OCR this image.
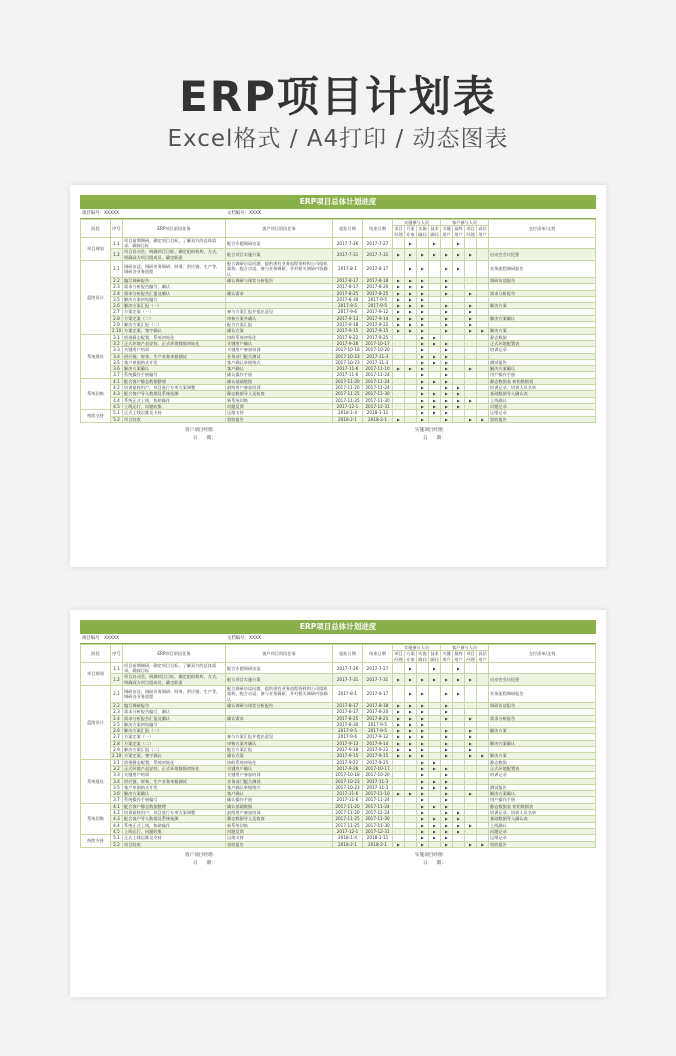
ERP项目计划表
Excel格式 / A4打印 / 动态图表
ERP项目总体计划进度
项目编号：XXXXX	文档编号：XXXX
阶段	序号	ERP项目阶段任务	客户项目阶段任务	起始日期	结束日期	实施参与人员				客户参与人员				交付清单/文档
						项目经理	方案专家	实施顾问	技术顾问	关键用户	最终用户	项目经理	高层用户	
项目规划	1.1	项目前期调研，确定项目目标，了解双方的总体需求，确保目标	配合专题调研访谈	2017-7-26	2017-7-27		▶		▶		▶			
	1.2	项目启动会，明确项目目标，确定组织机构，方式，明确双方项目组成员，确定职责	配合项目实施方案	2017-7-31	2017-7-31	▶	▶	▶	▶	▶	▶	▶		启动会会议纪要
蓝图设计	2.1	调研访谈，调研业务调研：财务、供应链、生产等，调研各业务流程	配合调研访谈问题，提供现有业务流程资料和公司组织架构，配合访谈，参与业务调研，并对相关调研内容确认	2017-8-1	2017-8-17		▶	▶		▶	▶			业务流程调研报告
	2.2	编写调研报告	确认调研与现状分析报告	2017-8-17	2017-8-18	▶	▶	▶		▶				调研访谈报告
	2.3	需求分析报告编写，确认		2017-8-17	2017-8-20	▶	▶	▶		▶				
	2.4	需求分析报告汇报及确认	确认需求	2017-8-25	2017-8-25	▶	▶	▶		▶		▶		需求分析报告
	2.5	解决方案初始编写		2017-8-30	2017-9-5	▶	▶	▶						
	2.6	解决方案汇报（一）		2017-9-5	2017-9-5	▶	▶	▶		▶		▶		解决方案
	2.7	方案定案（一）	参与方案汇报并提出意见	2017-9-6	2017-9-12	▶	▶	▶		▶		▶		
	2.8	方案定案（二）	审核方案并确认	2017-9-13	2017-9-14	▶	▶	▶		▶		▶		解决方案确认
	2.9	解决方案汇报（二）	配合方案汇报	2017-9-18	2017-9-22	▶	▶	▶		▶		▶		
	2.10	方案定案，签字确认	确认方案	2017-9-15	2017-9-15	▶	▶	▶		▶		▶	▶	解决方案
系统建设	3.1	搭建静态配置，系统初始化	协助系统初始化	2017-9-22	2017-9-25			▶	▶					静态数据
	3.2	正式环境产品安装，正式环境数据初始化	关键用户确认	2017-9-26	2017-10-17			▶	▶	▶				正式环境配置表
	3.3	关键用户培训	关键用户参加培训	2017-10-18	2017-10-20			▶		▶				培训记录
	3.4	供应链、财务、生产业务单据测试	业务部门配合测试	2017-10-23	2017-11-3			▶	▶	▶				
	3.5	客户单据格式开发	客户确认单据格式	2017-10-23	2017-11-3			▶	▶	▶				测试报告
	3.6	解决方案确认	客户确认	2017-11-6	2017-11-10	▶	▶	▶		▶		▶		解决方案确认
	3.7	系统操作手册编写	确认操作手册	2017-11-6	2017-11-24			▶		▶				用户操作手册
系统切换	4.1	配合客户静态数据整理	确认基础数据	2017-11-20	2017-11-24			▶	▶	▶				静态数据表 初始数据表
	4.2	培训最终用户，项目进行专项方案调整	最终用户参加培训	2017-11-20	2017-11-24			▶		▶	▶			培训记录、培训人员名单
	4.3	配合客户导入数据及系统检测	静态数据导入及检查	2017-11-25	2017-11-30			▶	▶	▶	▶			基础数据导入确认表
	4.4	系统正式上线，协助操作	新系统切换	2017-11-25	2017-11-30			▶	▶	▶	▶	▶		上线确认
	4.5	上线运行，问题收集	问题反馈	2017-12-1	2017-12-31			▶	▶	▶	▶			问题记录
持续支持	5.1	正式上线运维及支持	运维支持	2018-1-4	2018-1-11			▶	▶	▶				运维记录
	5.2	项目验收	验收报告	2018-2-1	2018-2-1	▶		▶		▶		▶	▶	验收报告
客户项目经理：
日　　期：
实施项目经理：
日　　期：
ERP项目总体计划进度
项目编号：XXXXX	文档编号：XXXX
阶段	序号	ERP项目阶段任务	客户项目阶段任务	起始日期	结束日期	实施参与人员				客户参与人员				交付清单/文档
						项目经理	方案专家	实施顾问	技术顾问	关键用户	最终用户	项目经理	高层用户	
项目规划	1.1	项目前期调研，确定项目目标，了解双方的总体需求，确保目标	配合专题调研访谈	2017-7-26	2017-7-27		▶		▶		▶			
	1.2	项目启动会，明确项目目标，确定组织机构，方式，明确双方项目组成员，确定职责	配合项目实施方案	2017-7-31	2017-7-31	▶	▶	▶	▶	▶	▶	▶		启动会会议纪要
蓝图设计	2.1	调研访谈，调研业务调研：财务、供应链、生产等，调研各业务流程	配合调研访谈问题，提供现有业务流程资料和公司组织架构，配合访谈，参与业务调研，并对相关调研内容确认	2017-8-1	2017-8-17		▶	▶		▶	▶			业务流程调研报告
	2.2	编写调研报告	确认调研与现状分析报告	2017-8-17	2017-8-18	▶	▶	▶		▶				调研访谈报告
	2.3	需求分析报告编写，确认		2017-8-17	2017-8-20	▶	▶	▶		▶				
	2.4	需求分析报告汇报及确认	确认需求	2017-8-25	2017-8-25	▶	▶	▶		▶		▶		需求分析报告
	2.5	解决方案初始编写		2017-8-30	2017-9-5	▶	▶	▶						
	2.6	解决方案汇报（一）		2017-9-5	2017-9-5	▶	▶	▶		▶		▶		解决方案
	2.7	方案定案（一）	参与方案汇报并提出意见	2017-9-6	2017-9-12	▶	▶	▶		▶		▶		
	2.8	方案定案（二）	审核方案并确认	2017-9-13	2017-9-14	▶	▶	▶		▶		▶		解决方案确认
	2.9	解决方案汇报（二）	配合方案汇报	2017-9-18	2017-9-22	▶	▶	▶		▶		▶		
	2.10	方案定案，签字确认	确认方案	2017-9-15	2017-9-15	▶	▶	▶		▶		▶	▶	解决方案
系统建设	3.1	搭建静态配置，系统初始化	协助系统初始化	2017-9-22	2017-9-25			▶	▶					静态数据
	3.2	正式环境产品安装，正式环境数据初始化	关键用户确认	2017-9-26	2017-10-17			▶	▶	▶				正式环境配置表
	3.3	关键用户培训	关键用户参加培训	2017-10-18	2017-10-20			▶		▶				培训记录
	3.4	供应链、财务、生产业务单据测试	业务部门配合测试	2017-10-23	2017-11-3			▶	▶	▶				
	3.5	客户单据格式开发	客户确认单据格式	2017-10-23	2017-11-3			▶	▶	▶				测试报告
	3.6	解决方案确认	客户确认	2017-11-6	2017-11-10	▶	▶	▶		▶		▶		解决方案确认
	3.7	系统操作手册编写	确认操作手册	2017-11-6	2017-11-24			▶		▶				用户操作手册
系统切换	4.1	配合客户静态数据整理	确认基础数据	2017-11-20	2017-11-24			▶	▶	▶				静态数据表 初始数据表
	4.2	培训最终用户，项目进行专项方案调整	最终用户参加培训	2017-11-20	2017-11-24			▶		▶	▶			培训记录、培训人员名单
	4.3	配合客户导入数据及系统检测	静态数据导入及检查	2017-11-25	2017-11-30			▶	▶	▶	▶			基础数据导入确认表
	4.4	系统正式上线，协助操作	新系统切换	2017-11-25	2017-11-30			▶	▶	▶	▶	▶		上线确认
	4.5	上线运行，问题收集	问题反馈	2017-12-1	2017-12-31			▶	▶	▶	▶			问题记录
持续支持	5.1	正式上线运维及支持	运维支持	2018-1-4	2018-1-11			▶	▶	▶				运维记录
	5.2	项目验收	验收报告	2018-2-1	2018-2-1	▶		▶		▶		▶	▶	验收报告
客户项目经理：
日　　期：
实施项目经理：
日　　期：
